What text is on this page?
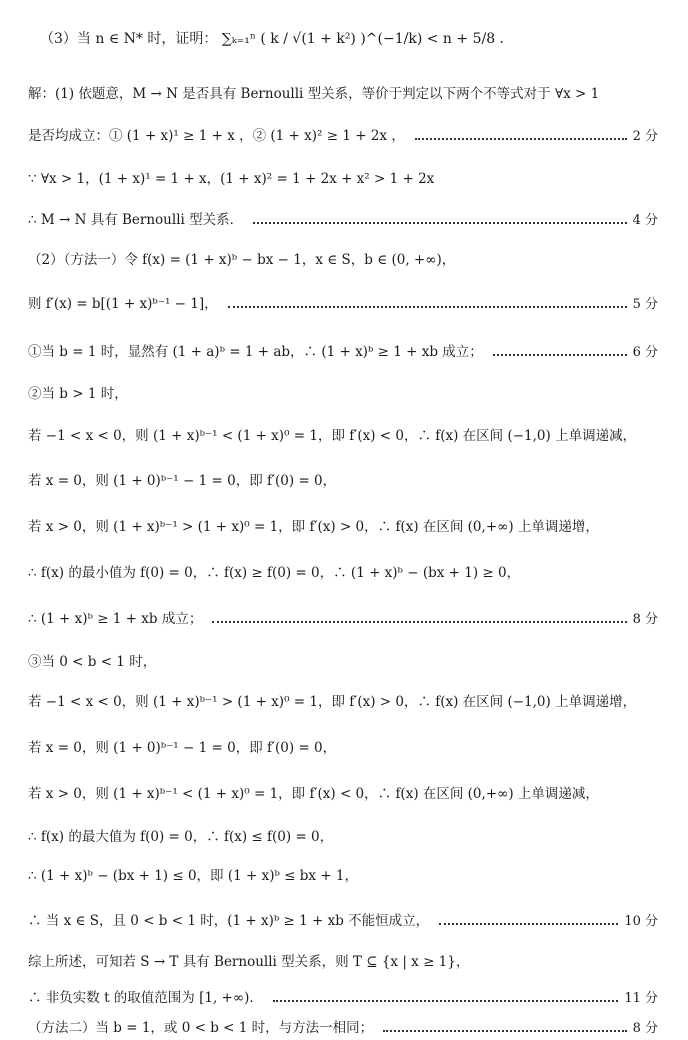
（3）当 n ∈ N* 时，证明： ∑ₖ₌₁ⁿ ( k / √(1 + k²) )^(−1/k) < n + 5/8 ．
解：(1) 依题意，M → N 是否具有 Bernoulli 型关系，等价于判定以下两个不等式对于 ∀x > 1
是否均成立：① (1 + x)¹ ≥ 1 + x ，② (1 + x)² ≥ 1 + 2x ，	2 分
∵ ∀x > 1，(1 + x)¹ = 1 + x，(1 + x)² = 1 + 2x + x² > 1 + 2x
∴ M → N 具有 Bernoulli 型关系．	4 分
（2）（方法一）令 f(x) = (1 + x)ᵇ − bx − 1，x ∈ S，b ∈ (0, +∞)，
则 f′(x) = b[(1 + x)ᵇ⁻¹ − 1]，	5 分
①当 b = 1 时，显然有 (1 + a)ᵇ = 1 + ab，∴ (1 + x)ᵇ ≥ 1 + xb 成立；	6 分
②当 b > 1 时，
若 −1 < x < 0，则 (1 + x)ᵇ⁻¹ < (1 + x)⁰ = 1，即 f′(x) < 0，∴ f(x) 在区间 (−1,0) 上单调递减，
若 x = 0，则 (1 + 0)ᵇ⁻¹ − 1 = 0，即 f′(0) = 0，
若 x > 0，则 (1 + x)ᵇ⁻¹ > (1 + x)⁰ = 1，即 f′(x) > 0，∴ f(x) 在区间 (0,+∞) 上单调递增，
∴ f(x) 的最小值为 f(0) = 0，∴ f(x) ≥ f(0) = 0，∴ (1 + x)ᵇ − (bx + 1) ≥ 0，
∴ (1 + x)ᵇ ≥ 1 + xb 成立；	8 分
③当 0 < b < 1 时，
若 −1 < x < 0，则 (1 + x)ᵇ⁻¹ > (1 + x)⁰ = 1，即 f′(x) > 0，∴ f(x) 在区间 (−1,0) 上单调递增，
若 x = 0，则 (1 + 0)ᵇ⁻¹ − 1 = 0，即 f′(0) = 0，
若 x > 0，则 (1 + x)ᵇ⁻¹ < (1 + x)⁰ = 1，即 f′(x) < 0，∴ f(x) 在区间 (0,+∞) 上单调递减，
∴ f(x) 的最大值为 f(0) = 0，∴ f(x) ≤ f(0) = 0，
∴ (1 + x)ᵇ − (bx + 1) ≤ 0，即 (1 + x)ᵇ ≤ bx + 1，
∴ 当 x ∈ S，且 0 < b < 1 时，(1 + x)ᵇ ≥ 1 + xb 不能恒成立，	10 分
综上所述，可知若 S → T 具有 Bernoulli 型关系，则 T ⊆ {x | x ≥ 1}，
∴ 非负实数 t 的取值范围为 [1, +∞)．	11 分
（方法二）当 b = 1，或 0 < b < 1 时，与方法一相同；	8 分
